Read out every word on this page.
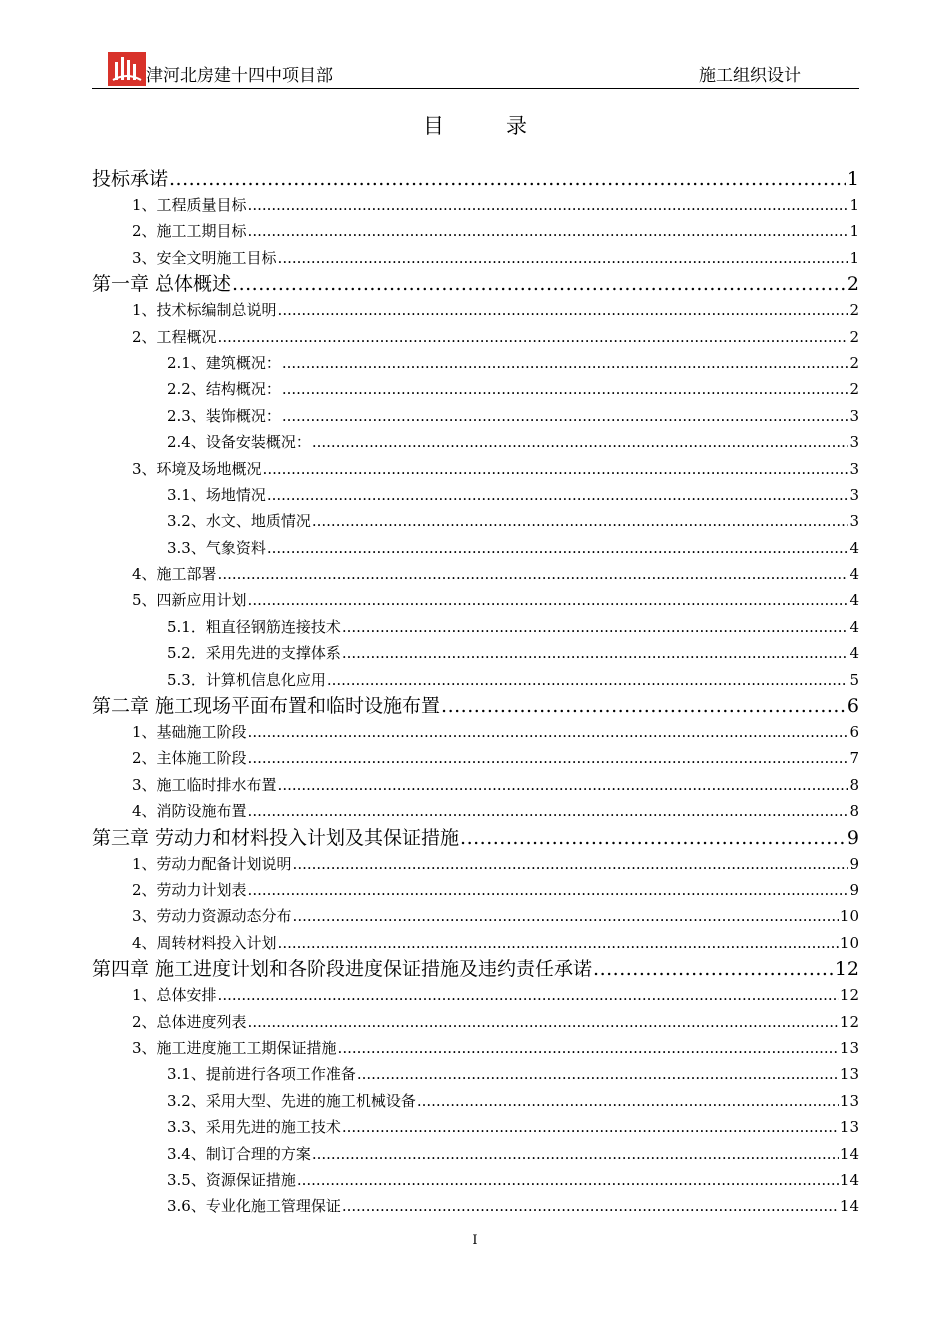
津河北房建十四中项目部	施工组织设计
目录
投标承诺 .....	1
1、工程质量目标 .....	1
2、施工工期目标 .....	1
3、安全文明施工目标 .....	1
第一章 总体概述 .....	2
1、技术标编制总说明 .....	2
2、工程概况 .....	2
2.1、建筑概况： .....	2
2.2、结构概况： .....	2
2.3、装饰概况： .....	3
2.4、设备安装概况： .....	3
3、环境及场地概况 .....	3
3.1、场地情况 .....	3
3.2、水文、地质情况 .....	3
3.3、气象资料 .....	4
4、施工部署 .....	4
5、四新应用计划 .....	4
5.1．粗直径钢筋连接技术 .....	4
5.2．采用先进的支撑体系 .....	4
5.3．计算机信息化应用 .....	5
第二章 施工现场平面布置和临时设施布置 .....	6
1、基础施工阶段 .....	6
2、主体施工阶段 .....	7
3、施工临时排水布置 .....	8
4、消防设施布置 .....	8
第三章 劳动力和材料投入计划及其保证措施 .....	9
1、劳动力配备计划说明 .....	9
2、劳动力计划表 .....	9
3、劳动力资源动态分布 .....	10
4、周转材料投入计划 .....	10
第四章 施工进度计划和各阶段进度保证措施及违约责任承诺 .....	12
1、总体安排 .....	12
2、总体进度列表 .....	12
3、施工进度施工工期保证措施 .....	13
3.1、提前进行各项工作准备 .....	13
3.2、采用大型、先进的施工机械设备 .....	13
3.3、采用先进的施工技术 .....	13
3.4、制订合理的方案 .....	14
3.5、资源保证措施 .....	14
3.6、专业化施工管理保证 .....	14
I
